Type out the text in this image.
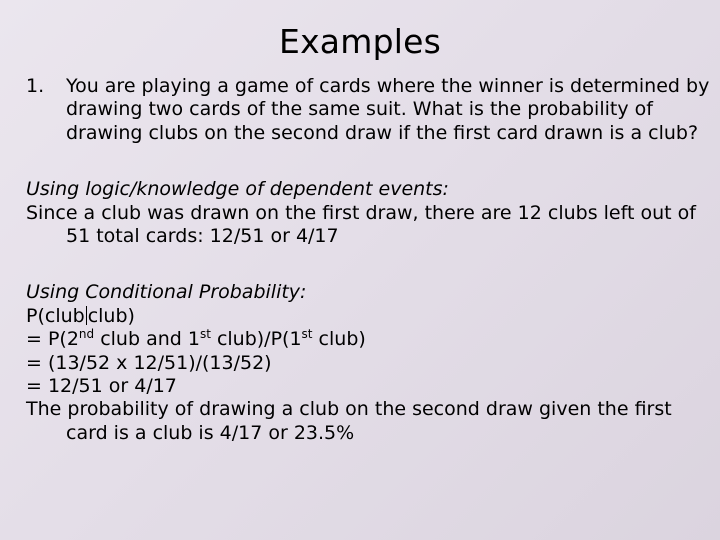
Examples
1. You are playing a game of cards where the winner is determined by drawing two cards of the same suit. What is the probability of drawing clubs on the second draw if the first card drawn is a club?
Using logic/knowledge of dependent events:
Since a club was drawn on the first draw, there are 12 clubs left out of 51 total cards: 12/51 or 4/17
Using Conditional Probability:
P(club club)
= P(2nd club and 1st club)/P(1st club)
= (13/52 x 12/51)/(13/52)
= 12/51 or 4/17
The probability of drawing a club on the second draw given the first card is a club is 4/17 or 23.5%
